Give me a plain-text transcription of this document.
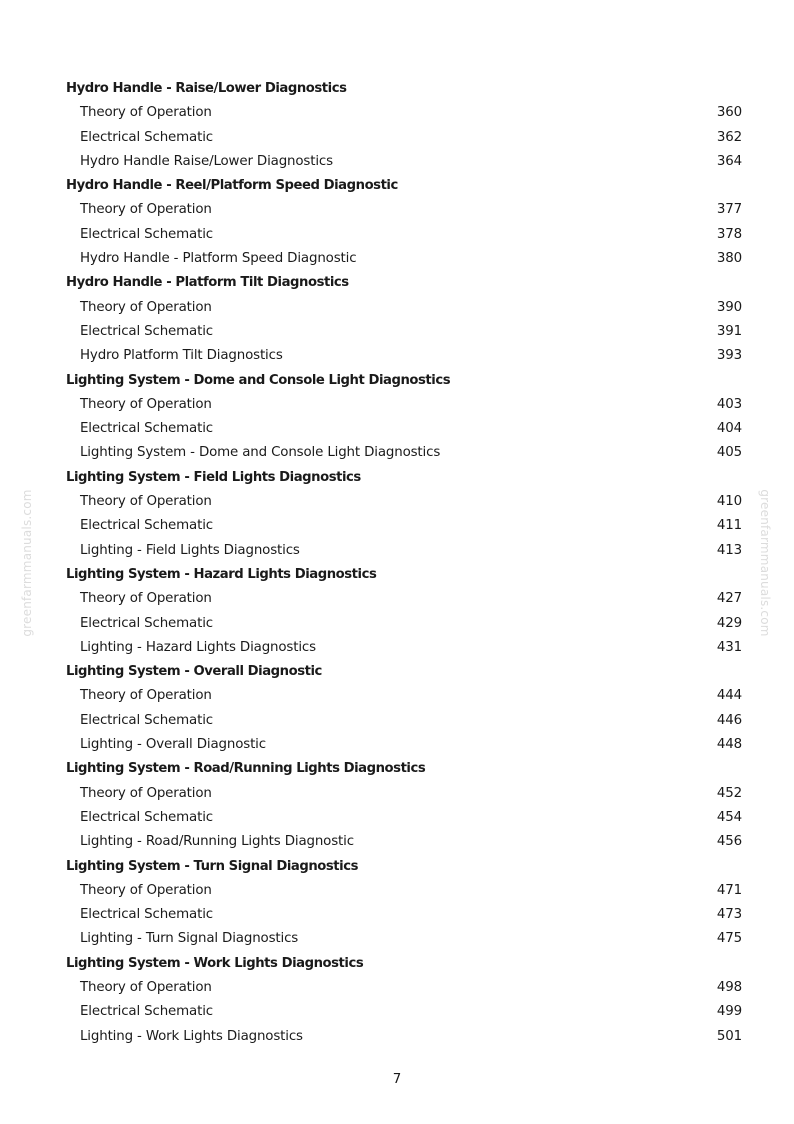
greenfarmmanuals.com	greenfarmmanuals.com
Hydro Handle - Raise/Lower Diagnostics
Theory of Operation	360
Electrical Schematic	362
Hydro Handle Raise/Lower Diagnostics	364
Hydro Handle - Reel/Platform Speed Diagnostic
Theory of Operation	377
Electrical Schematic	378
Hydro Handle - Platform Speed Diagnostic	380
Hydro Handle - Platform Tilt Diagnostics
Theory of Operation	390
Electrical Schematic	391
Hydro Platform Tilt Diagnostics	393
Lighting System - Dome and Console Light Diagnostics
Theory of Operation	403
Electrical Schematic	404
Lighting System - Dome and Console Light Diagnostics	405
Lighting System - Field Lights Diagnostics
Theory of Operation	410
Electrical Schematic	411
Lighting - Field Lights Diagnostics	413
Lighting System - Hazard Lights Diagnostics
Theory of Operation	427
Electrical Schematic	429
Lighting - Hazard Lights Diagnostics	431
Lighting System - Overall Diagnostic
Theory of Operation	444
Electrical Schematic	446
Lighting - Overall Diagnostic	448
Lighting System - Road/Running Lights Diagnostics
Theory of Operation	452
Electrical Schematic	454
Lighting - Road/Running Lights Diagnostic	456
Lighting System - Turn Signal Diagnostics
Theory of Operation	471
Electrical Schematic	473
Lighting - Turn Signal Diagnostics	475
Lighting System - Work Lights Diagnostics
Theory of Operation	498
Electrical Schematic	499
Lighting - Work Lights Diagnostics	501
7
